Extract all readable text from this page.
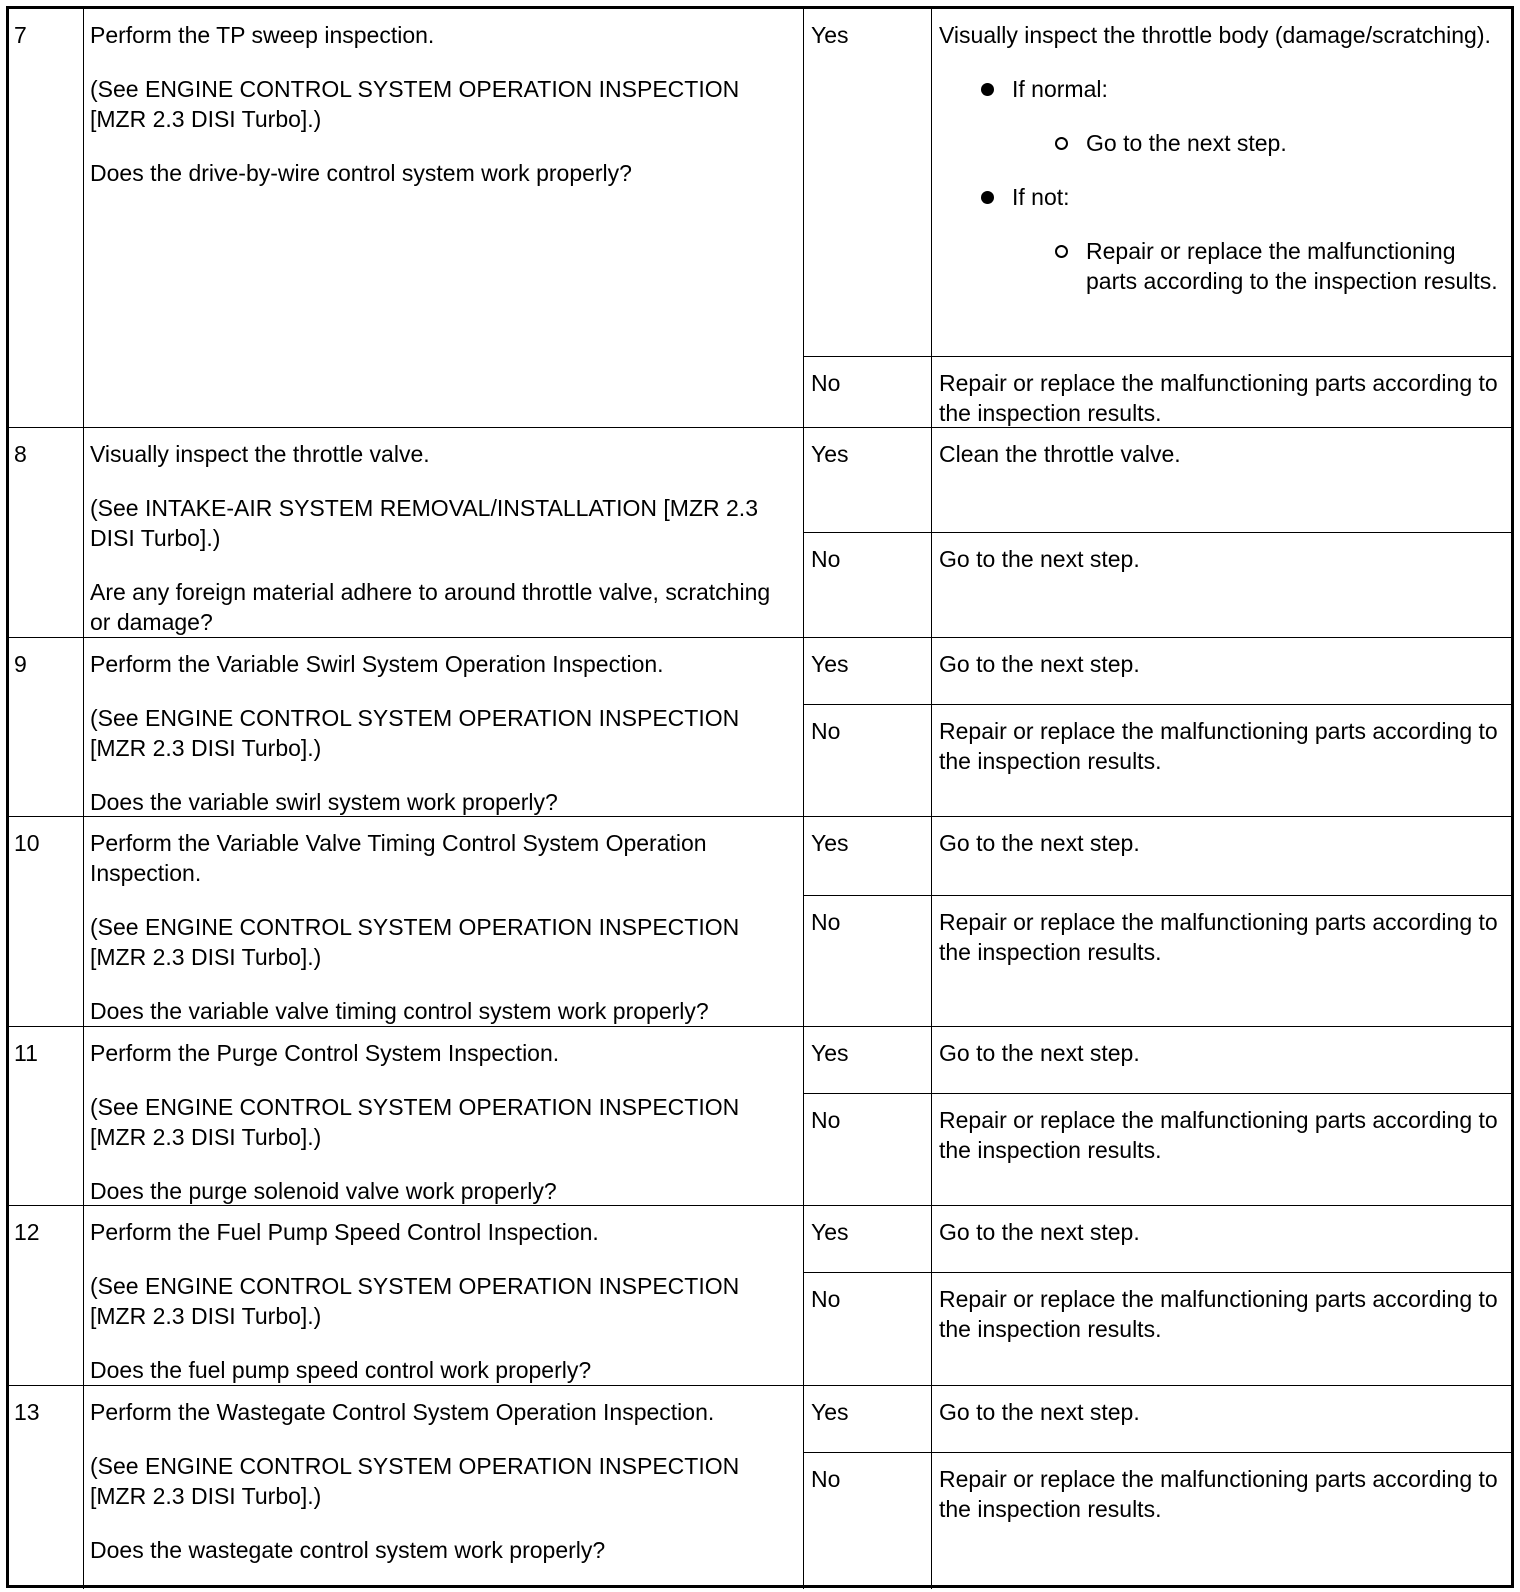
7	Perform the TP sweep inspection.

(See ENGINE CONTROL SYSTEM OPERATION INSPECTION [MZR 2.3 DISI Turbo].)

Does the drive-by-wire control system work properly?

Yes	Visually inspect the throttle body (damage/scratching).
If normal:
Go to the next step.
If not:
Repair or replace the malfunctioning parts according to the inspection results.
No	Repair or replace the malfunctioning parts according to the inspection results.
8	Visually inspect the throttle valve.

(See INTAKE-AIR SYSTEM REMOVAL/INSTALLATION [MZR 2.3 DISI Turbo].)

Are any foreign material adhere to around throttle valve, scratching or damage?

Yes	Clean the throttle valve.
No	Go to the next step.
9	Perform the Variable Swirl System Operation Inspection.

(See ENGINE CONTROL SYSTEM OPERATION INSPECTION [MZR 2.3 DISI Turbo].)

Does the variable swirl system work properly?

Yes	Go to the next step.
No	Repair or replace the malfunctioning parts according to the inspection results.
10	Perform the Variable Valve Timing Control System Operation Inspection.

(See ENGINE CONTROL SYSTEM OPERATION INSPECTION [MZR 2.3 DISI Turbo].)

Does the variable valve timing control system work properly?

Yes	Go to the next step.
No	Repair or replace the malfunctioning parts according to the inspection results.
11	Perform the Purge Control System Inspection.

(See ENGINE CONTROL SYSTEM OPERATION INSPECTION [MZR 2.3 DISI Turbo].)

Does the purge solenoid valve work properly?

Yes	Go to the next step.
No	Repair or replace the malfunctioning parts according to the inspection results.
12	Perform the Fuel Pump Speed Control Inspection.

(See ENGINE CONTROL SYSTEM OPERATION INSPECTION [MZR 2.3 DISI Turbo].)

Does the fuel pump speed control work properly?

Yes	Go to the next step.
No	Repair or replace the malfunctioning parts according to the inspection results.
13	Perform the Wastegate Control System Operation Inspection.

(See ENGINE CONTROL SYSTEM OPERATION INSPECTION [MZR 2.3 DISI Turbo].)

Does the wastegate control system work properly?

Yes	Go to the next step.
No	Repair or replace the malfunctioning parts according to the inspection results.
